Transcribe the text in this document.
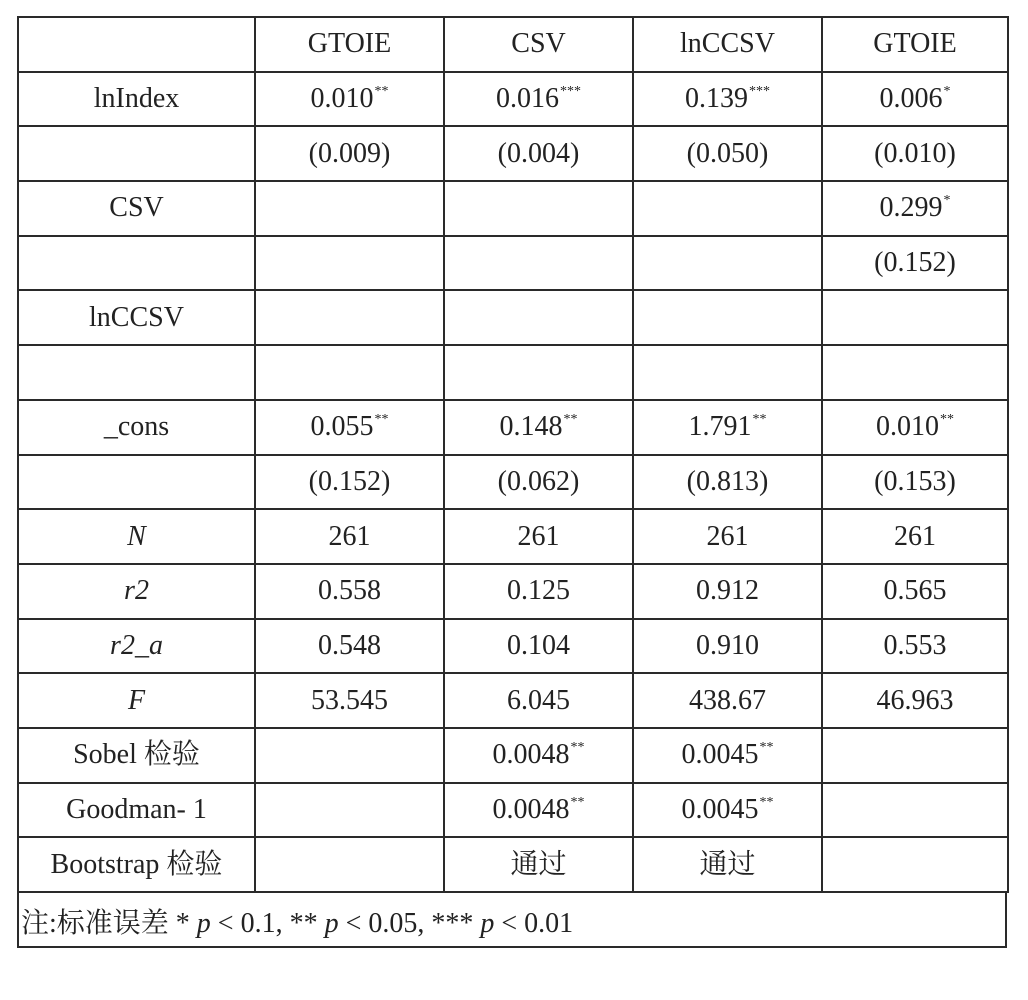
	GTOIE	CSV	lnCCSV	GTOIE
lnIndex	0.010**	0.016***	0.139***	0.006*
	(0.009)	(0.004)	(0.050)	(0.010)
CSV				0.299*
				(0.152)
lnCCSV				

_cons	0.055**	0.148**	1.791**	0.010**
	(0.152)	(0.062)	(0.813)	(0.153)
N	261	261	261	261
r2	0.558	0.125	0.912	0.565
r2_a	0.548	0.104	0.910	0.553
F	53.545	6.045	438.67	46.963
Sobel 检验		0.0048**	0.0045**	
Goodman- 1		0.0048**	0.0045**	
Bootstrap 检验		通过	通过	
注:标准误差 * p < 0.1, ** p < 0.05, *** p < 0.01
